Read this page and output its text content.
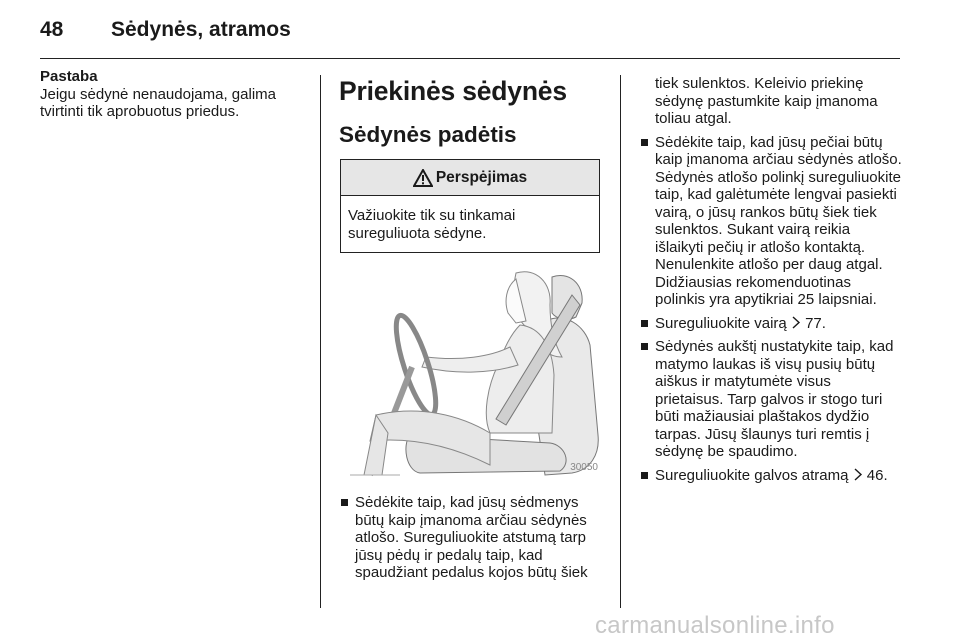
48 Sėdynės, atramos
Pastaba
Jeigu sėdynė nenaudojama, galima tvirtinti tik aprobuotus priedus.
Priekinės sėdynės
Sėdynės padėtis
Perspėjimas
Važiuokite tik su tinkamai sureguliuota sėdyne.
30050
Sėdėkite taip, kad jūsų sėdmenys būtų kaip įmanoma arčiau sėdynės atlošo. Sureguliuokite atstumą tarp jūsų pėdų ir pedalų taip, kad spaudžiant pedalus kojos būtų šiek
tiek sulenktos. Keleivio priekinę sėdynę pastumkite kaip įmanoma toliau atgal.
Sėdėkite taip, kad jūsų pečiai būtų kaip įmanoma arčiau sėdynės atlošo. Sėdynės atlošo polinkį sureguliuokite taip, kad galėtumėte lengvai pasiekti vairą, o jūsų rankos būtų šiek tiek sulenktos. Sukant vairą reikia išlaikyti pečių ir atlošo kontaktą. Nenulenkite atlošo per daug atgal. Didžiausias rekomenduotinas polinkis yra apytikriai 25 laipsniai.
Sureguliuokite vairą 77.
Sėdynės aukštį nustatykite taip, kad matymo laukas iš visų pusių būtų aiškus ir matytumėte visus prietaisus. Tarp galvos ir stogo turi būti mažiausiai plaštakos dydžio tarpas. Jūsų šlaunys turi remtis į sėdynę be spaudimo.
Sureguliuokite galvos atramą 46.
carmanualsonline.info
